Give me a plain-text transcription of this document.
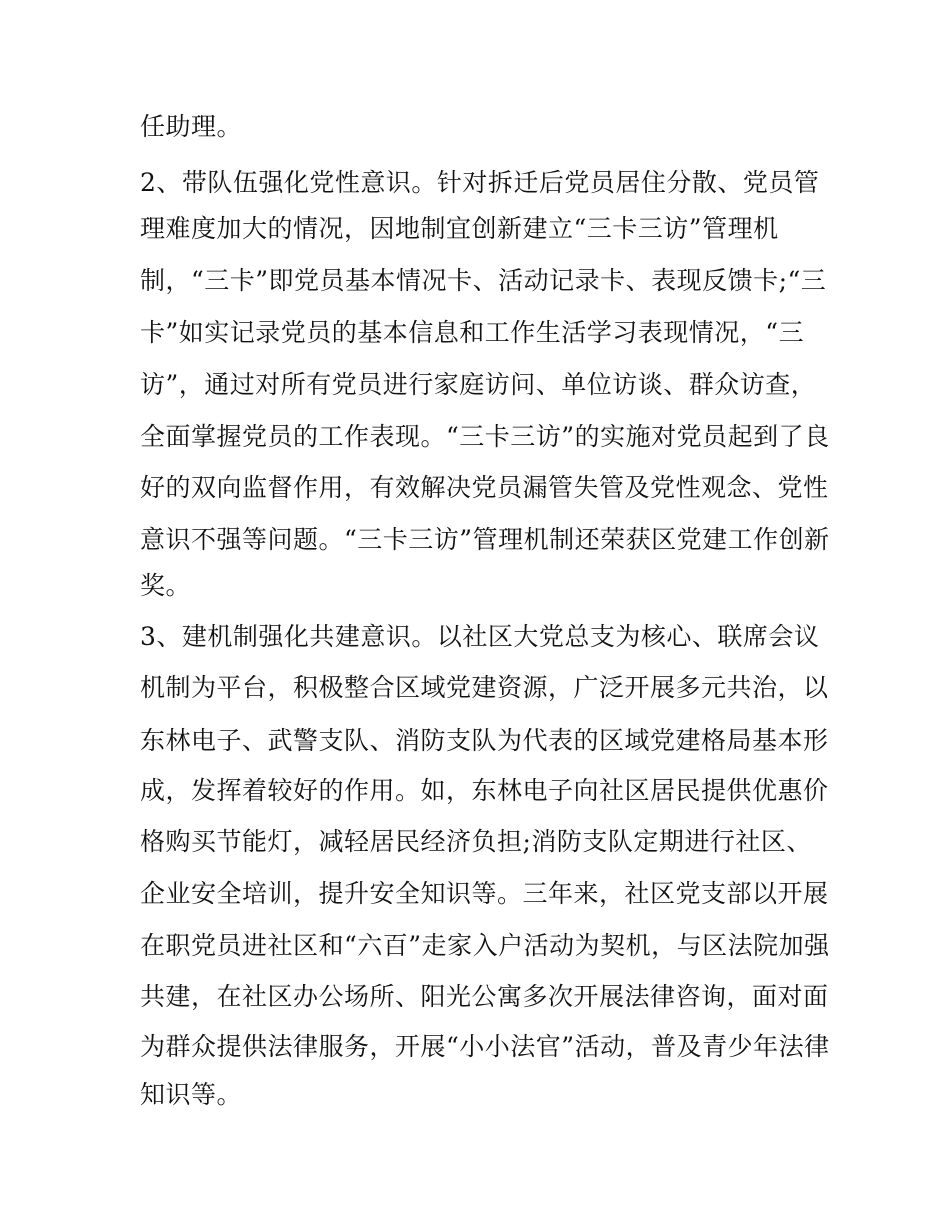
任助理。
2、带队伍强化党性意识。针对拆迁后党员居住分散、党员管
理难度加大的情况，因地制宜创新建立“三卡三访”管理机
制，“三卡”即党员基本情况卡、活动记录卡、表现反馈卡;“三
卡”如实记录党员的基本信息和工作生活学习表现情况，“三
访”，通过对所有党员进行家庭访问、单位访谈、群众访查，
全面掌握党员的工作表现。“三卡三访”的实施对党员起到了良
好的双向监督作用，有效解决党员漏管失管及党性观念、党性
意识不强等问题。“三卡三访”管理机制还荣获区党建工作创新
奖。
3、建机制强化共建意识。以社区大党总支为核心、联席会议
机制为平台，积极整合区域党建资源，广泛开展多元共治，以
东林电子、武警支队、消防支队为代表的区域党建格局基本形
成，发挥着较好的作用。如，东林电子向社区居民提供优惠价
格购买节能灯，减轻居民经济负担;消防支队定期进行社区、
企业安全培训，提升安全知识等。三年来，社区党支部以开展
在职党员进社区和“六百”走家入户活动为契机，与区法院加强
共建，在社区办公场所、阳光公寓多次开展法律咨询，面对面
为群众提供法律服务，开展“小小法官”活动，普及青少年法律
知识等。
